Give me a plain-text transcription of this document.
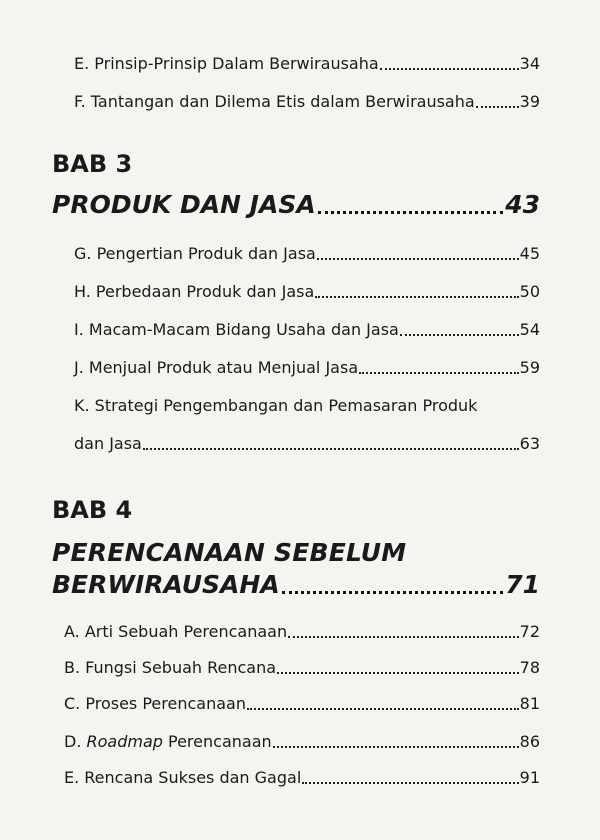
E. Prinsip-Prinsip Dalam Berwirausaha	34
F. Tantangan dan Dilema Etis dalam Berwirausaha	39
BAB 3
PRODUK DAN JASA	43
G. Pengertian Produk dan Jasa	45
H. Perbedaan Produk dan Jasa	50
I. Macam-Macam Bidang Usaha dan Jasa	54
J. Menjual Produk atau Menjual Jasa	59
K. Strategi Pengembangan dan Pemasaran Produk
dan Jasa	63
BAB 4
PERENCANAAN SEBELUM
BERWIRAUSAHA	71
A. Arti Sebuah Perencanaan	72
B. Fungsi Sebuah Rencana	78
C. Proses Perencanaan	81
D. Roadmap Perencanaan	86
E. Rencana Sukses dan Gagal	91
